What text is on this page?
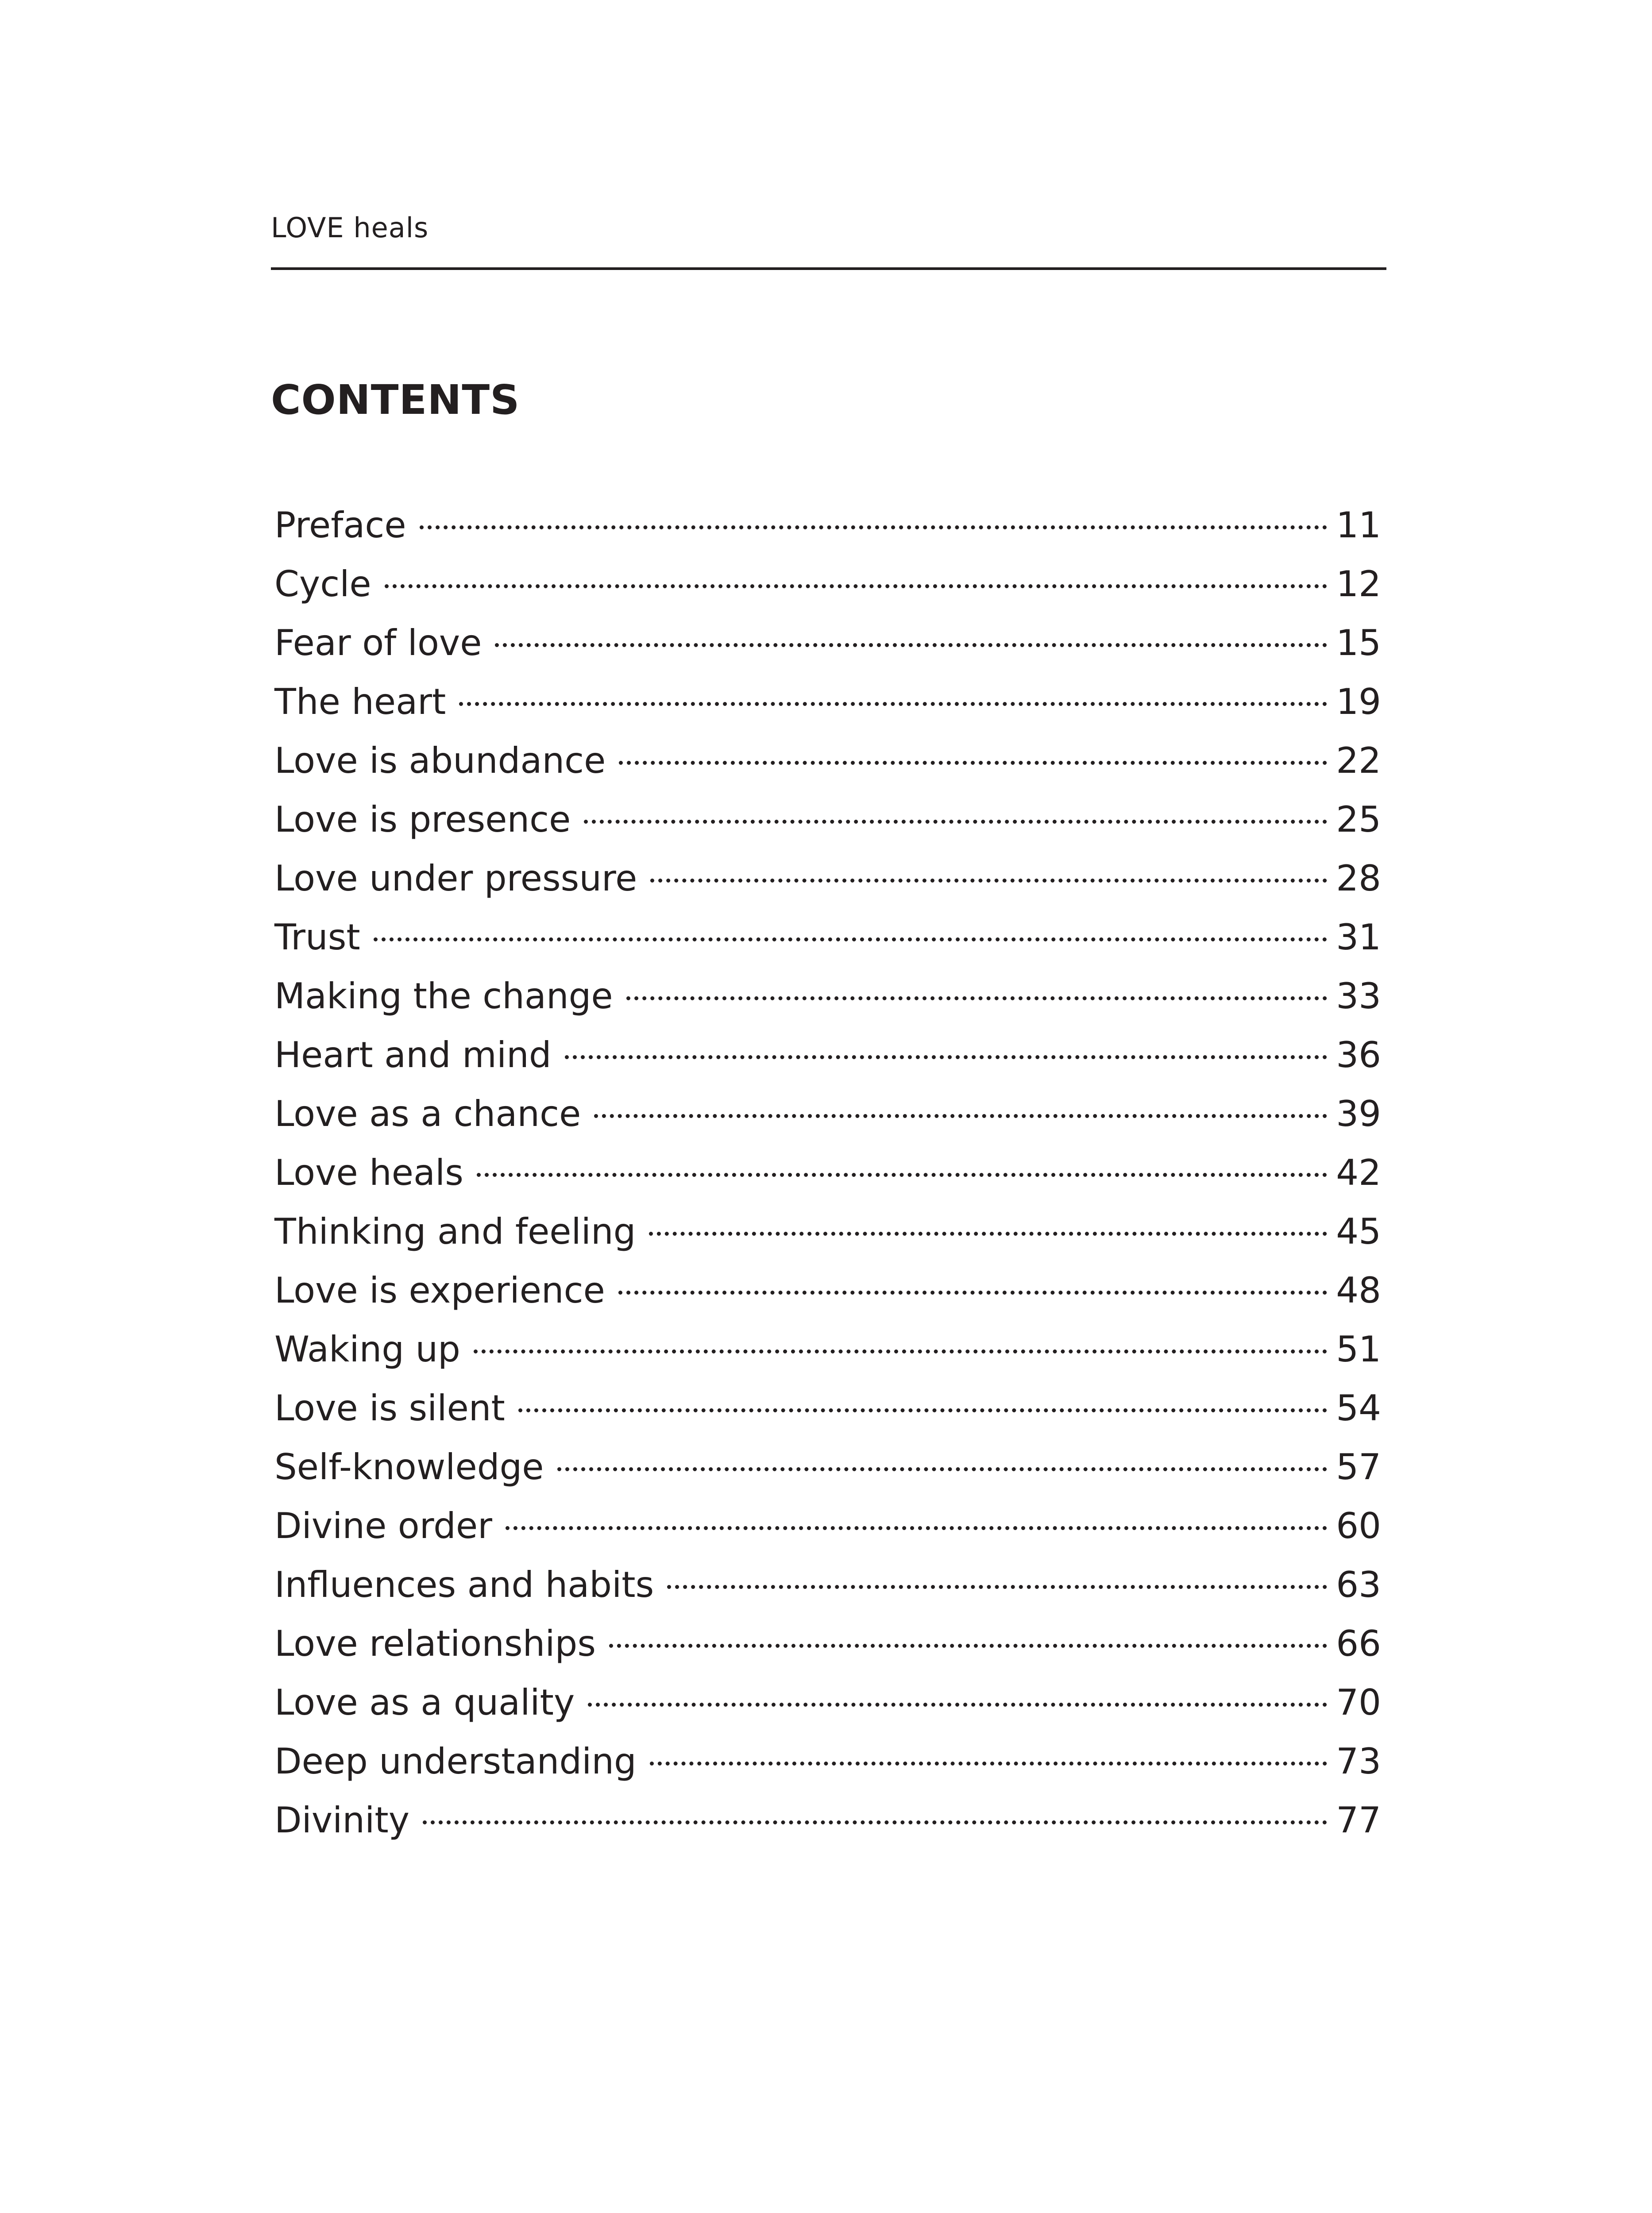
LOVE heals
CONTENTS
Preface	11
Cycle	12
Fear of love	15
The heart	19
Love is abundance	22
Love is presence	25
Love under pressure	28
Trust	31
Making the change	33
Heart and mind	36
Love as a chance	39
Love heals	42
Thinking and feeling	45
Love is experience	48
Waking up	51
Love is silent	54
Self-knowledge	57
Divine order	60
Influences and habits	63
Love relationships	66
Love as a quality	70
Deep understanding	73
Divinity	77
